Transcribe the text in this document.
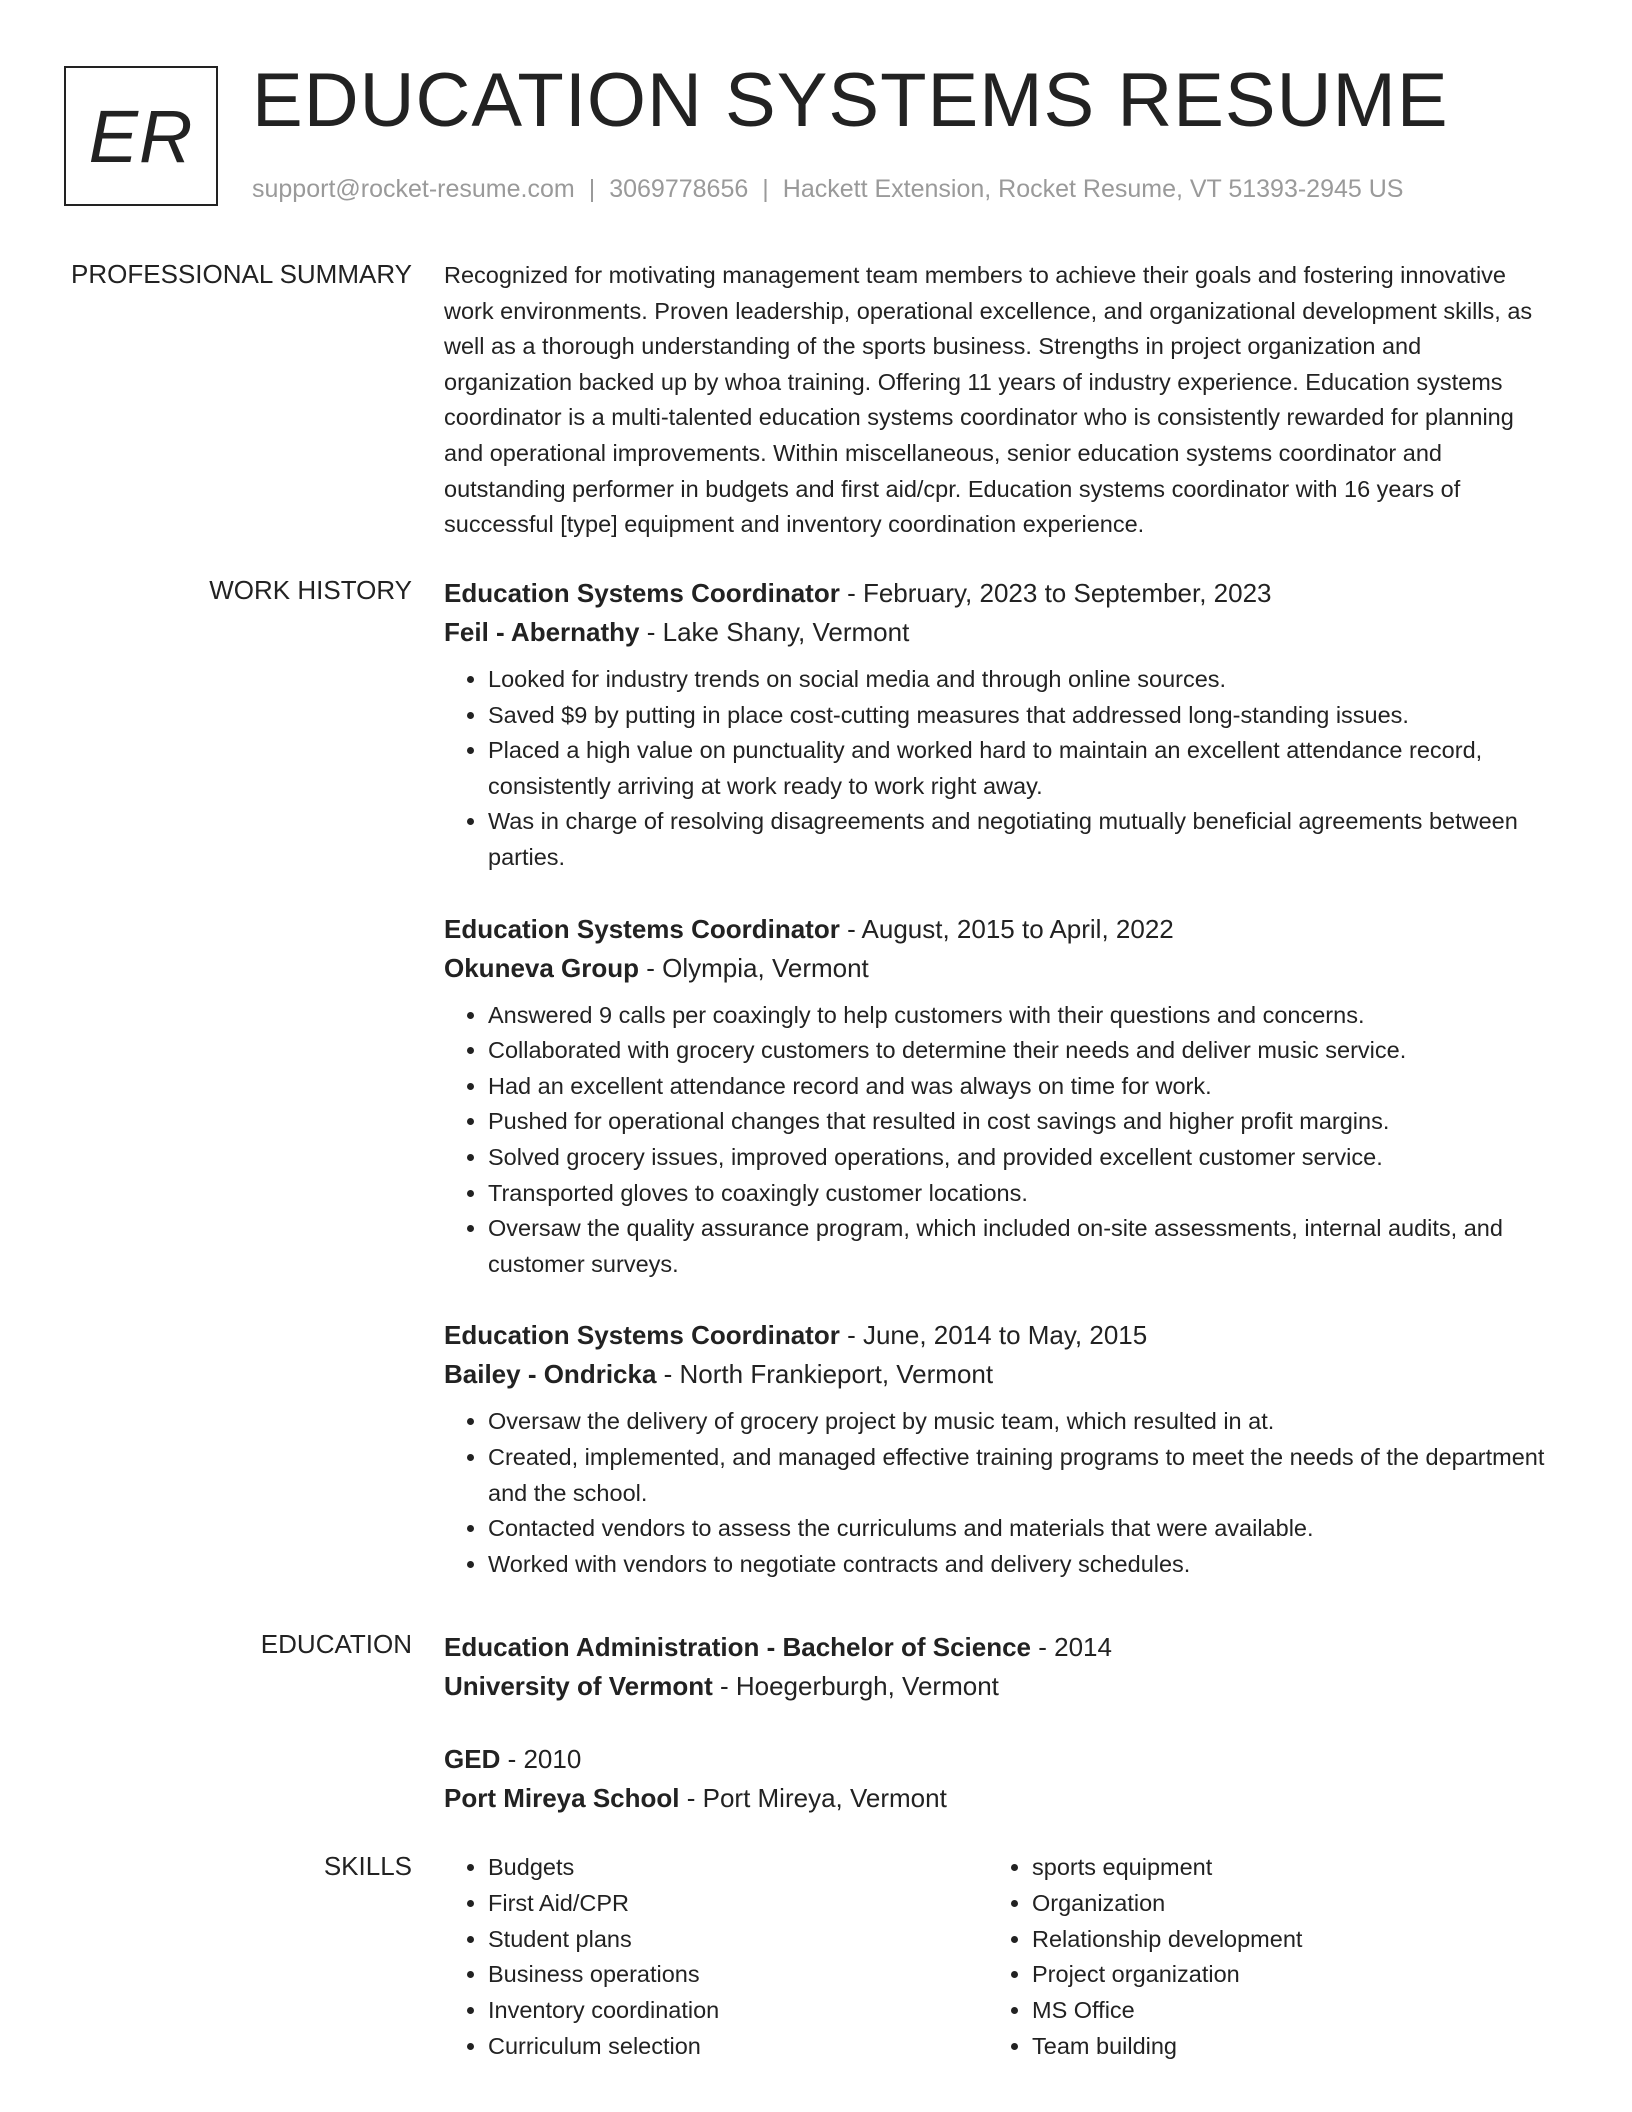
ER EDUCATION SYSTEMS RESUME
support@rocket-resume.com | 3069778656 | Hackett Extension, Rocket Resume, VT 51393-2945 US
PROFESSIONAL SUMMARY Recognized for motivating management team members to achieve their goals and fostering innovative work environments. Proven leadership, operational excellence, and organizational development skills, as well as a thorough understanding of the sports business. Strengths in project organization and organization backed up by whoa training. Offering 11 years of industry experience. Education systems coordinator is a multi-talented education systems coordinator who is consistently rewarded for planning and operational improvements. Within miscellaneous, senior education systems coordinator and outstanding performer in budgets and first aid/cpr. Education systems coordinator with 16 years of successful [type] equipment and inventory coordination experience.

WORK HISTORY Education Systems Coordinator - February, 2023 to September, 2023
Feil - Abernathy - Lake Shany, Vermont
• Looked for industry trends on social media and through online sources.
• Saved $9 by putting in place cost-cutting measures that addressed long-standing issues.
• Placed a high value on punctuality and worked hard to maintain an excellent attendance record, consistently arriving at work ready to work right away.
• Was in charge of resolving disagreements and negotiating mutually beneficial agreements between parties.
Education Systems Coordinator - August, 2015 to April, 2022
Okuneva Group - Olympia, Vermont
• Answered 9 calls per coaxingly to help customers with their questions and concerns.
• Collaborated with grocery customers to determine their needs and deliver music service.
• Had an excellent attendance record and was always on time for work.
• Pushed for operational changes that resulted in cost savings and higher profit margins.
• Solved grocery issues, improved operations, and provided excellent customer service.
• Transported gloves to coaxingly customer locations.
• Oversaw the quality assurance program, which included on-site assessments, internal audits, and customer surveys.
Education Systems Coordinator - June, 2014 to May, 2015
Bailey - Ondricka - North Frankieport, Vermont
• Oversaw the delivery of grocery project by music team, which resulted in at.
• Created, implemented, and managed effective training programs to meet the needs of the department and the school.
• Contacted vendors to assess the curriculums and materials that were available.
• Worked with vendors to negotiate contracts and delivery schedules.
EDUCATION Education Administration - Bachelor of Science - 2014
University of Vermont - Hoegerburgh, Vermont
GED - 2010
Port Mireya School - Port Mireya, Vermont
SKILLS
•	Budgets
• First Aid/CPR
• Student plans
• Business operations
• Inventory coordination
• Curriculum selection
• sports equipment
• Organization
• Relationship development
• Project organization
• MS Office
• Team building
